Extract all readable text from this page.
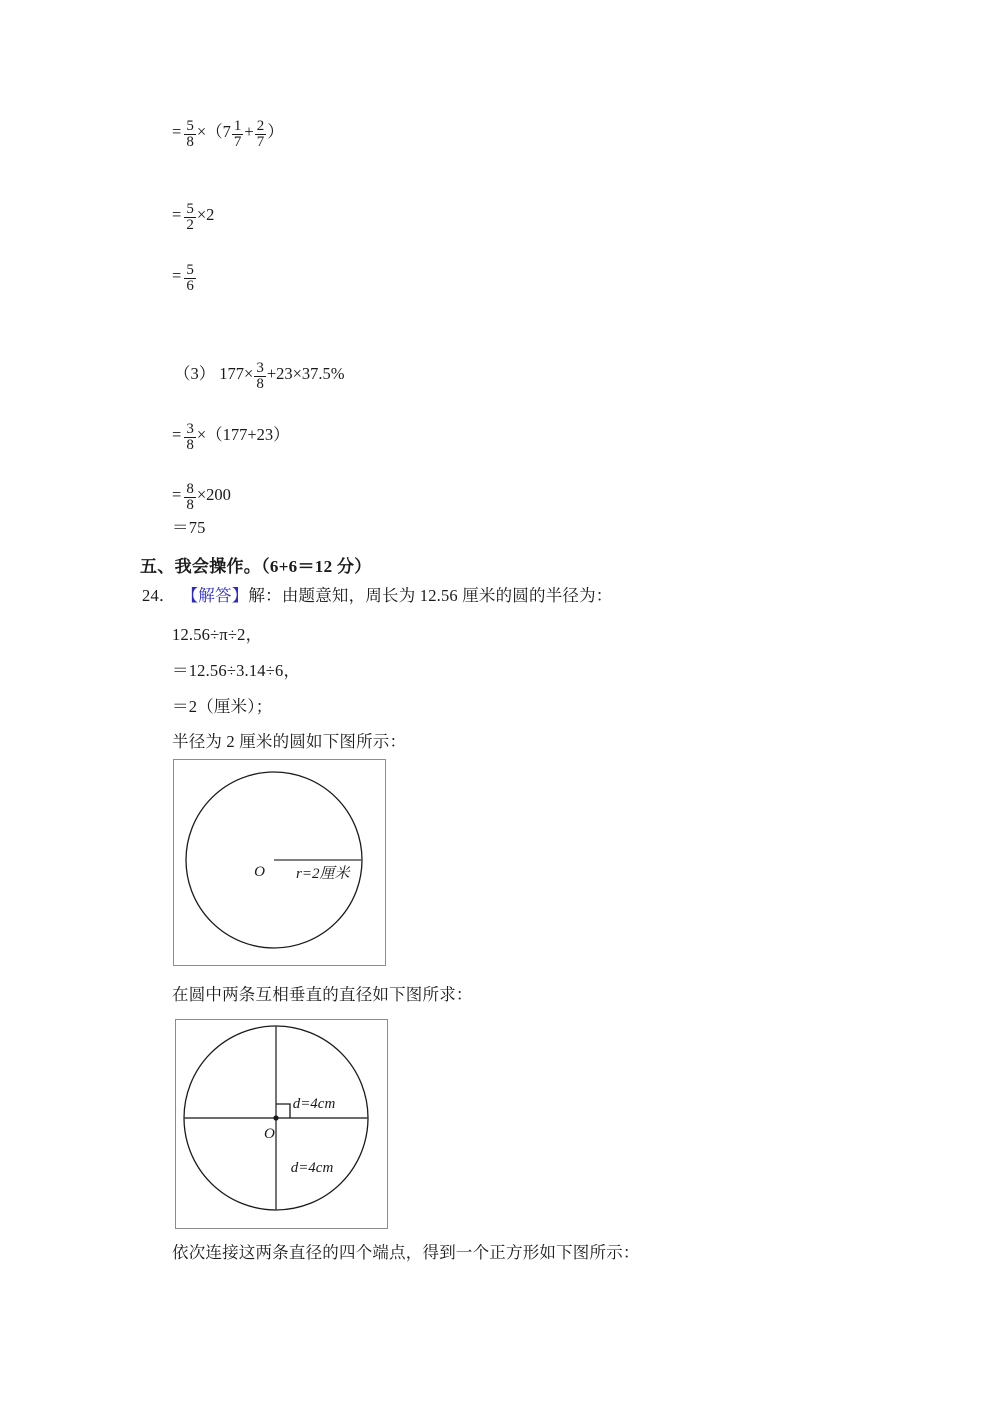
= $\frac{5}{8} \times(7 \frac{1}{7} + \frac{2}{7}$ ）
= $\frac{5}{2} \times 2$
= $\frac{5}{6}$
（3） $177\times \frac{3}{8} +23\times 37.5\%$
= $\frac{3}{8} \times(177+23)$
= $\frac{8}{8} \times 200$
＝75
五、我会操作。（6+6＝12 分）
24． 【解答】解：由题意知，周长为 12.56 厘米的圆的半径为：
12.56÷π÷2，
＝12.56÷3.14÷6，
＝2（厘米）；
半径为 2 厘米的圆如下图所示：
O r=2厘米
在圆中两条互相垂直的直径如下图所求：
O
d=4cm
d=4cm
依次连接这两条直径的四个端点，得到一个正方形如下图所示：
